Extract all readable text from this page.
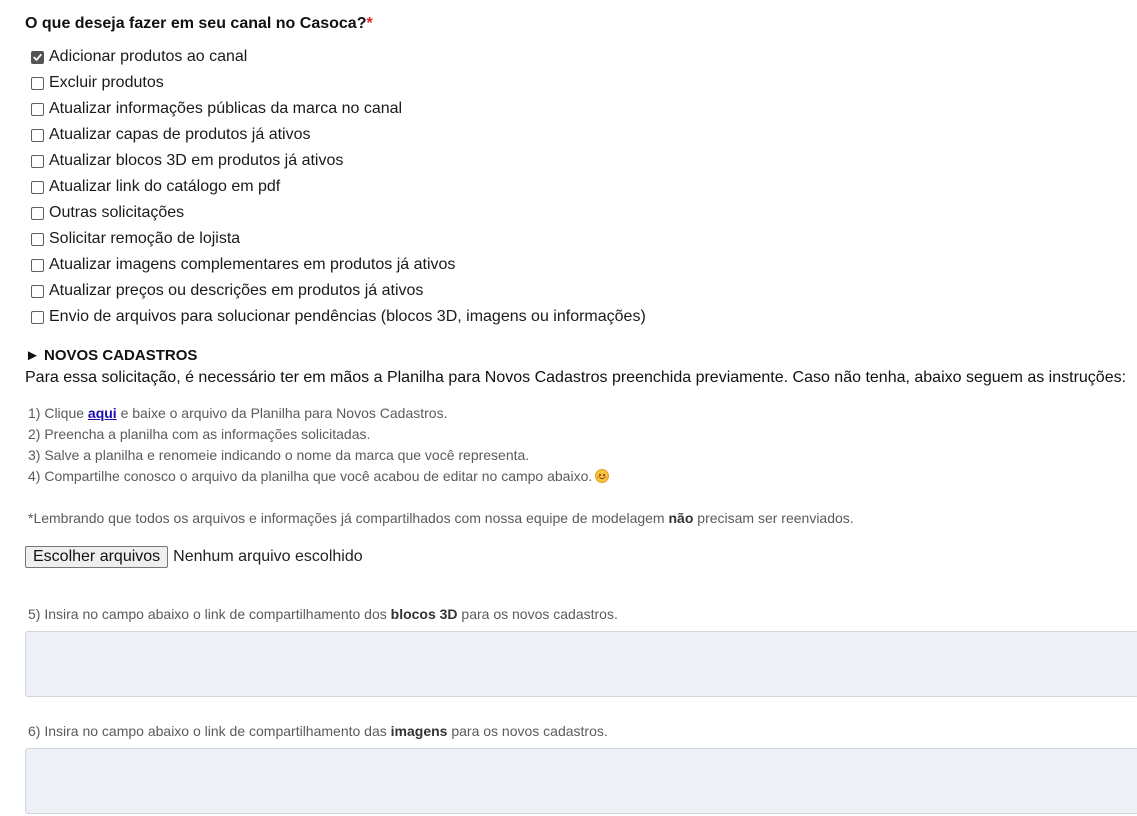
O que deseja fazer em seu canal no Casoca?*
Adicionar produtos ao canal
Excluir produtos
Atualizar informações públicas da marca no canal
Atualizar capas de produtos já ativos
Atualizar blocos 3D em produtos já ativos
Atualizar link do catálogo em pdf
Outras solicitações
Solicitar remoção de lojista
Atualizar imagens complementares em produtos já ativos
Atualizar preços ou descrições em produtos já ativos
Envio de arquivos para solucionar pendências (blocos 3D, imagens ou informações)
► NOVOS CADASTROS
Para essa solicitação, é necessário ter em mãos a Planilha para Novos Cadastros preenchida previamente. Caso não tenha, abaixo seguem as instruções:
1) Clique aqui e baixe o arquivo da Planilha para Novos Cadastros.
2) Preencha a planilha com as informações solicitadas.
3) Salve a planilha e renomeie indicando o nome da marca que você representa.
4) Compartilhe conosco o arquivo da planilha que você acabou de editar no campo abaixo.
*Lembrando que todos os arquivos e informações já compartilhados com nossa equipe de modelagem não precisam ser reenviados.
Escolher arquivos Nenhum arquivo escolhido
5) Insira no campo abaixo o link de compartilhamento dos blocos 3D para os novos cadastros.
6) Insira no campo abaixo o link de compartilhamento das imagens para os novos cadastros.
